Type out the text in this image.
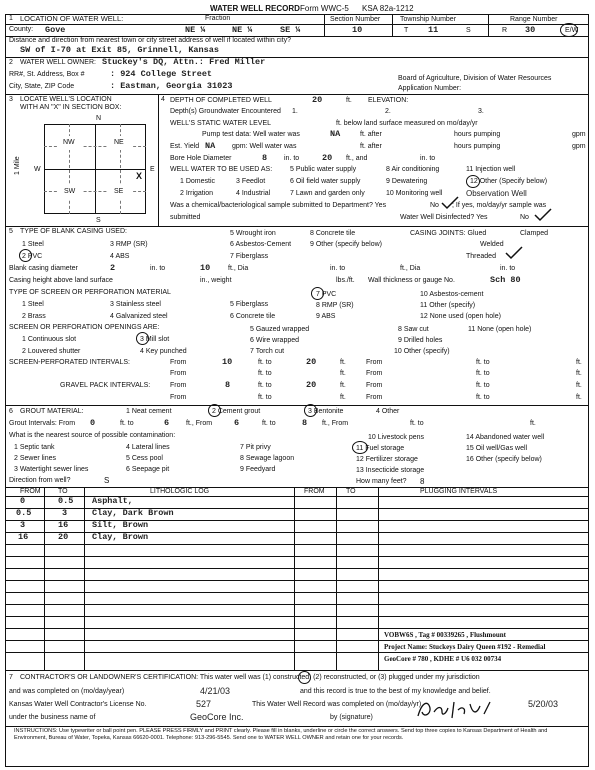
WATER WELL RECORD Form WWC-5 KSA 82a-1212
1 LOCATION OF WATER WELL:	Fraction	Section Number	Township Number	Range Number
County: Gove	NE ¼	NE ¼	SE ¼	10	T 11	S	R 30	E/W
Distance and direction from nearest town or city street address of well if located within city?
SW of I-70 at Exit 85, Grinnell, Kansas
2 WATER WELL OWNER: Stuckey's DQ, Attn.: Fred Miller
RR#, St. Address, Box #	: 924 College Street	Board of Agriculture, Division of Water Resources
City, State, ZIP Code	: Eastman, Georgia 31023	Application Number:
3 LOCATE WELL'S LOCATION
WITH AN "X" IN SECTION BOX:
N
S
W	E
NW	NE
SW	SE
X
1 Mile
4 DEPTH OF COMPLETED WELL	20	ft. ELEVATION:
Depth(s) Groundwater Encountered 1.	2.	3.
WELL'S STATIC WATER LEVEL	ft. below land surface measured on mo/day/yr
Pump test data: Well water was	NA	ft. after	hours pumping	gpm
Est. Yield NA gpm: Well water was	ft. after	hours pumping	gpm
Bore Hole Diameter	8 in. to	20 ft., and	in. to
WELL WATER TO BE USED AS:	5 Public water supply	8 Air conditioning	11 Injection well
1 Domestic	3 Feedlot	6 Oil field water supply	9 Dewatering	12 Other (Specify below)
2 Irrigation	4 Industrial	7 Lawn and garden only	10 Monitoring well	Observation Well
Was a chemical/bacteriological sample submitted to Department? Yes	No ; If yes, mo/day/yr sample was
submitted	Water Well Disinfected? Yes	No
5 TYPE OF BLANK CASING USED:	5 Wrought iron	8 Concrete tile	CASING JOINTS: Glued	Clamped
1 Steel	3 RMP (SR)	6 Asbestos-Cement	9 Other (specify below)	Welded
2 PVC	4 ABS	7 Fiberglass	Threaded
Blank casing diameter	2	in. to	10	ft., Dia	in. to	ft., Dia	in. to
Casing height above land surface	in., weight	lbs./ft. Wall thickness or gauge No.	Sch 80
TYPE OF SCREEN OR PERFORATION MATERIAL	7 PVC	10 Asbestos-cement
1 Steel	3 Stainless steel	5 Fiberglass	8 RMP (SR)	11 Other (specify)
2 Brass	4 Galvanized steel	6 Concrete tile	9 ABS	12 None used (open hole)
SCREEN OR PERFORATION OPENINGS ARE:	5 Gauzed wrapped	8 Saw cut	11 None (open hole)
1 Continuous slot	3 Mill slot	6 Wire wrapped	9 Drilled holes
2 Louvered shutter	4 Key punched	7 Torch cut	10 Other (specify)
SCREEN-PERFORATED INTERVALS:	From	10	ft. to	20	ft.	From	ft. to	ft.
From	ft. to	ft.	From	ft. to	ft.
GRAVEL PACK INTERVALS:	From	8	ft. to	20	ft.	From	ft. to	ft.
From	ft. to	ft.	From	ft. to	ft.
6 GROUT MATERIAL:	1 Neat cement	2 Cement grout	3 Bentonite	4 Other
Grout Intervals: From 0	ft. to	6 ft., From	6	ft. to	8 ft., From	ft. to	ft.
What is the nearest source of possible contamination:	10 Livestock pens	14 Abandoned water well
1 Septic tank	4 Lateral lines	7 Pit privy	11 Fuel storage	15 Oil well/Gas well
2 Sewer lines	5 Cess pool	8 Sewage lagoon	12 Fertilizer storage	16 Other (specify below)
3 Watertight sewer lines	6 Seepage pit	9 Feedyard	13 Insecticide storage
Direction from well?	S	How many feet? 8
FROM TO	LITHOLOGIC LOG	FROM	TO	PLUGGING INTERVALS
0	0.5 Asphalt,
0.5	3	Clay, Dark Brown
3	16	Silt, Brown
16	20	Clay, Brown
VOBW6S , Tag # 00339265 , Flushmount
Project Name: Stuckeys Dairy Queen #192 - Remedial
GeoCore # 780 , KDHE # U6 032 00734
7 CONTRACTOR'S OR LANDOWNER'S CERTIFICATION: This water well was (1) constructed, (2) reconstructed, or (3) plugged under my jurisdiction
and was completed on (mo/day/year)	4/21/03	and this record is true to the best of my knowledge and belief.
Kansas Water Well Contractor's License No.	527	This Water Well Record was completed on (mo/day/yr)	5/20/03
under the business name of	GeoCore Inc.	by (signature)
INSTRUCTIONS: Use typewriter or ball point pen. PLEASE PRESS FIRMLY and PRINT clearly. Please fill in blanks, underline or circle the correct answers. Send top three copies to Kansas Department of Health and Environment, Bureau of Water, Topeka, Kansas 66620-0001. Telephone: 913-296-5545. Send one to WATER WELL OWNER and retain one for your records.
